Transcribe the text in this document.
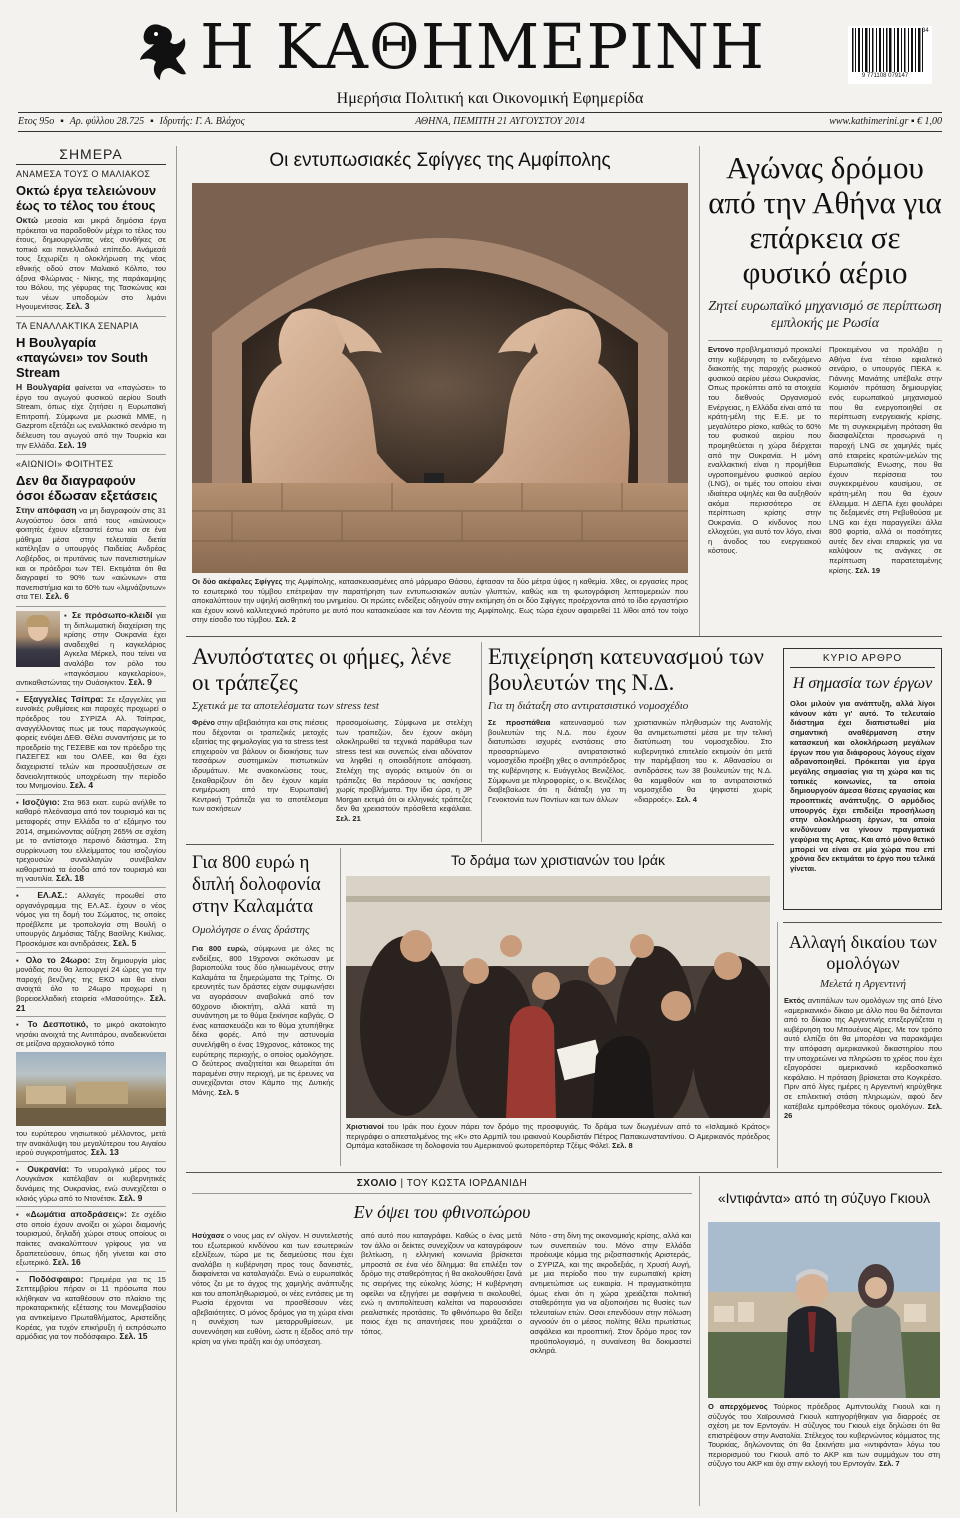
Η ΚΑΘΗΜΕΡΙΝΗ
Ημερήσια Πολιτική και Οικονομική Εφημερίδα
9 771108 079147
34
Ετος 95ο ▪ Αρ. φύλλου 28.725 ▪ Ιδρυτής: Γ. Α. Βλάχος	ΑΘΗΝΑ, ΠΕΜΠΤΗ 21 ΑΥΓΟΥΣΤΟΥ 2014	www.kathimerini.gr ▪ € 1,00
ΣΗΜΕΡΑ
ΑΝΑΜΕΣΑ ΤΟΥΣ Ο ΜΑΛΙΑΚΟΣ
Οκτώ έργα τελειώνουν έως το τέλος του έτους
Οκτώ μεσαία και μικρά δημόσια έργα πρόκειται να παραδοθούν μέχρι το τέλος του έτους, δημιουργώντας νέες συνθήκες σε τοπικό και πανελλαδικό επίπεδο. Ανάμεσά τους ξεχωρίζει η ολοκλήρωση της νέας εθνικής οδού στον Μαλιακό Κόλπο, του άξονα Φλώρινας - Νίκης, της παράκαμψης του Βόλου, της γέφυρας της Τασκώνας και των νέων υποδομών στο λιμάνι Ηγουμενίτσας. Σελ. 3
ΤΑ ΕΝΑΛΛΑΚΤΙΚΑ ΣΕΝΑΡΙΑ
Η Βουλγαρία «παγώνει» τον South Stream
Η Βουλγαρία φαίνεται να «παγώσει» το έργο του αγωγού φυσικού αερίου South Stream, όπως είχε ζητήσει η Ευρωπαϊκή Επιτροπή. Σύμφωνα με ρωσικά ΜΜΕ, η Gazprom εξετάζει ως εναλλακτικό σενάριο τη διέλευση του αγωγού από την Τουρκία και την Ελλάδα. Σελ. 19
«ΑΙΩΝΙΟΙ» ΦΟΙΤΗΤΕΣ
Δεν θα διαγραφούν όσοι έδωσαν εξετάσεις
Στην απόφαση να μη διαγραφούν στις 31 Αυγούστου όσοι από τους «αιώνιους» φοιτητές έχουν εξεταστεί έστω και σε ένα μάθημα μέσα στην τελευταία διετία κατέληξαν ο υπουργός Παιδείας Ανδρέας Λοβέρδος, οι πρυτάνεις των πανεπιστημίων και οι πρόεδροι των ΤΕΙ. Εκτιμάται ότι θα διαγραφεί το 90% των «αιώνιων» στα πανεπιστήμια και το 60% των «λιμνάζοντων» στα ΤΕΙ. Σελ. 6
▪ Σε πρόσωπο-κλειδί για τη διπλωματική διαχείριση της κρίσης στην Ουκρανία έχει αναδειχθεί η καγκελάριος Αγκελα Μέρκελ, που τείνει να αναλάβει τον ρόλο του «παγκόσμιου καγκελαρίου», αντικαθιστώντας την Ουάσιγκτον. Σελ. 9
▪ Εξαγγελίες Τσίπρα: Σε εξαγγελίες για ευνοϊκές ρυθμίσεις και παροχές προχωρεί ο πρόεδρος του ΣΥΡΙΖΑ Αλ. Τσίπρας, αναγγέλλοντας πως με τους παραγωγικούς φορείς ενόψει ΔΕΘ. Θέλει συναντήσεις με το προεδρείο της ΓΕΣΕΒΕ και τον πρόεδρο της ΠΑΣΕΓΕΣ και του ΟΛΕΕ, και θα έχει διαχειριστεί τελών και προσαυξήσεων σε δανειοληπτικούς υποχρέωση την περίοδο του Μνημονίου. Σελ. 4
▪ Ισοζύγιο: Στα 963 εκατ. ευρώ ανήλθε το καθαρό πλεόνασμα από τον τουρισμό και τις μεταφορές στην Ελλάδα το α' εξάμηνο του 2014, σημειώνοντας αύξηση 265% σε σχέση με το αντίστοιχο περσινό διάστημα. Στη συρρίκνωση του ελλείμματος του ισοζυγίου τρεχουσών συναλλαγών συνέβαλαν καθοριστικά τα έσοδα από τον τουρισμό και τη ναυτιλία. Σελ. 18
▪ ΕΛ.ΑΣ.: Αλλαγές προωθεί στο οργανόγραμμα της ΕΛ.ΑΣ. έχουν ο νέος νόμος για τη δομή του Σώματος, τις οποίες προέβλεπε με τροπολογία στη Βουλή ο υπουργός Δημόσιας Τάξης Βασίλης Κικίλιας. Προσκόμισε και αντιδράσεις. Σελ. 5
▪ Ολο το 24ωρο: Στη δημιουργία μίας μονάδας που θα λειτουργεί 24 ώρες για την παροχή βενζίνης της ΕΚΟ και θα είναι ανοιχτά όλο το 24ωρο προχωρεί η βορειοελλαδική εταιρεία «Μασούτης». Σελ. 21
▪ Το Δεσποτικό, το μικρό ακατοίκητο νησάκι ανοιχτά της Αντιπάρου, αναδεικνύεται σε μείζονα αρχαιολογικό τόπο
του ευρύτερου νησιωτικού μέλλοντος, μετά την ανακάλυψη του μεγαλύτερου του Αιγαίου ιερού συγκροτήματος. Σελ. 13
▪ Ουκρανία: Το νευραλγικό μέρος του Λουγκάνσκ κατέλαβαν οι κυβερνητικές δυνάμεις της Ουκρανίας, ενώ συνεχίζεται ο κλοιός γύρω από το Ντονέτσκ. Σελ. 9
▪ «Δωμάτια αποδράσεις»: Σε σχέδιο στο οποίο έχουν ανοίξει οι χώροι διαμονής τουρισμού, δηλαδή χώροι στους οποίους οι παίκτες ανακαλύπτουν γρίφους για να δραπετεύσουν, όπως ήδη γίνεται και στο εξωτερικό. Σελ. 16
▪ Ποδόσφαιρο: Πρεμιέρα για τις 15 Σεπτεμβρίου πήραν οι 11 πρόσωπα που κλήθηκαν να καταθέσουν στο πλαίσιο της προκαταρκτικής εξέτασης του Μονεμβασίου για αντικείμενο Πρωταθλήματος, Αριστείδης Κορέας, για τυχόν επικήρυξη ή εκπρόσωπο αρμόδιας για τον ποδόσφαιρο. Σελ. 15
Οι εντυπωσιακές Σφίγγες της Αμφίπολης
Οι δύο ακέφαλες Σφίγγες της Αμφίπολης, κατασκευασμένες από μάρμαρο Θάσου, έφτασαν τα δύο μέτρα ύψος η καθεμία. Χθες, οι εργασίες προς το εσωτερικό του τύμβου επέτρεψαν την παρατήρηση των εντυπωσιακών αυτών γλυπτών, καθώς και τη φωτογράφιση λεπτομερειών που αποκαλύπτουν την υψηλή αισθητική του μνημείου. Οι πρώτες ενδείξεις οδηγούν στην εκτίμηση ότι οι δύο Σφίγγες προέρχονται από το ίδιο εργαστήριο και έχουν κοινό καλλιτεχνικό πρότυπο με αυτό που κατασκεύασε και τον Λέοντα της Αμφίπολης. Εως τώρα έχουν αφαιρεθεί 11 λίθοι από τον τοίχο στην είσοδο του τύμβου. Σελ. 2
Αγώνας δρόμου από την Αθήνα για επάρκεια σε φυσικό αέριο
Ζητεί ευρωπαϊκό μηχανισμό σε περίπτωση εμπλοκής με Ρωσία
Εντονο προβληματισμό προκαλεί στην κυβέρνηση το ενδεχόμενο διακοπής της παροχής ρωσικού φυσικού αερίου μέσω Ουκρανίας. Οπως προκύπτει από τα στοιχεία του διεθνούς Οργανισμού Ενέργειας, η Ελλάδα είναι από τα κράτη-μέλη της Ε.Ε. με το μεγαλύτερο ρίσκο, καθώς το 60% του φυσικού αερίου που προμηθεύεται η χώρα διέρχεται από την Ουκρανία. Η μόνη εναλλακτική είναι η προμήθεια υγροποιημένου φυσικού αερίου (LNG), οι τιμές του οποίου είναι ιδιαίτερα υψηλές και θα αυξηθούν ακόμα περισσότερο σε περίπτωση κρίσης στην Ουκρανία. Ο κίνδυνος που ελλοχεύει, για αυτό τον λόγο, είναι η άνοδος του ενεργειακού κόστους.
Προκειμένου να προλάβει η Αθήνα ένα τέτοιο εφιαλτικό σενάριο, ο υπουργός ΠΕΚΑ κ. Γιάννης Μανιάτης υπέβαλε στην Κομισιόν πρόταση δημιουργίας ενός ευρωπαϊκού μηχανισμού που θα ενεργοποιηθεί σε περίπτωση ενεργειακής κρίσης. Με τη συγκεκριμένη πρόταση θα διασφαλίζεται προσωρινά η παροχή LNG σε χαμηλές τιμές από εταιρείες κρατών-μελών της Ευρωπαϊκής Ενωσης, που θα έχουν περίσσεια του συγκεκριμένου καυσίμου, σε κράτη-μέλη που θα έχουν έλλειμμα. Η ΔΕΠΑ έχει φουλάρει τις δεξαμενές στη Ρεβυθούσα με LNG και έχει παραγγείλει άλλα 800 φορτία, αλλά οι ποσότητες αυτές δεν είναι επαρκείς για να καλύψουν τις ανάγκες σε περίπτωση παρατεταμένης κρίσης. Σελ. 19
Ανυπόστατες οι φήμες, λένε οι τράπεζες
Σχετικά με τα αποτελέσματα των stress test
Φρένο στην αβεβαιότητα και στις πιέσεις που δέχονται οι τραπεζικές μετοχές εξαιτίας της φημολογίας για τα stress test επιχειρούν να βάλουν οι διοικήσεις των τεσσάρων συστημικών πιστωτικών ιδρυμάτων. Με ανακοινώσεις τους, ξεκαθαρίζουν ότι δεν έχουν καμία ενημέρωση από την Ευρωπαϊκή Κεντρική Τράπεζα για το αποτέλεσμα των ασκήσεων
προσομοίωσης. Σύμφωνα με στελέχη των τραπεζών, δεν έχουν ακόμη ολοκληρωθεί τα τεχνικά παράθυρα των stress test και συνεπώς είναι αδύνατον να ληφθεί η οποιαδήποτε απόφαση. Στελέχη της αγοράς εκτιμούν ότι οι τράπεζες θα περάσουν τις ασκήσεις χωρίς προβλήματα. Την ίδια ώρα, η JP Morgan εκτιμά ότι οι ελληνικές τράπεζες δεν θα χρειαστούν πρόσθετα κεφάλαια. Σελ. 21
Επιχείρηση κατευνασμού των βουλευτών της Ν.Δ.
Για τη διάταξη στο αντιρατσιστικό νομοσχέδιο
Σε προσπάθεια κατευνασμού των βουλευτών της Ν.Δ. που έχουν διατυπώσει ισχυρές ενστάσεις στο προσαρτώμενο αντιρατσιστικό νομοσχέδιο προέβη χθες ο αντιπρόεδρος της κυβέρνησης κ. Ευάγγελος Βενιζέλος. Σύμφωνα με πληροφορίες, ο κ. Βενιζέλος διαβεβαίωσε ότι η διάταξη για τη Γενοκτονία των Ποντίων και των άλλων
χριστιανικών πληθυσμών της Ανατολής θα αντιμετωπιστεί μέσα με την τελική διατύπωση του νομοσχεδίου. Στο κυβερνητικό επιτελείο εκτιμούν ότι μετά την παρέμβαση του κ. Αθανασίου οι αντιδράσεις των 38 βουλευτών της Ν.Δ. θα καμφθούν και το αντιρατσιστικό νομοσχέδιο θα ψηφιστεί χωρίς «διαρροές». Σελ. 4
ΚΥΡΙΟ ΑΡΘΡΟ
Η σημασία των έργων
Ολοι μιλούν για ανάπτυξη, αλλά λίγοι κάνουν κάτι γι' αυτό. Το τελευταίο διάστημα έχει διαπιστωθεί μία σημαντική αναθέρμανση στην κατασκευή και ολοκλήρωση μεγάλων έργων που για διάφορους λόγους είχαν αδρανοποιηθεί. Πρόκειται για έργα μεγάλης σημασίας για τη χώρα και τις τοπικές κοινωνίες, τα οποία δημιουργούν άμεσα θέσεις εργασίας και προοπτικές ανάπτυξης. Ο αρμόδιος υπουργός έχει επιδείξει προσήλωση στην ολοκλήρωση έργων, τα οποία κινδύνευαν να γίνουν πραγματικά γεφύρια της Αρτας. Και από μόνο θετικό μπορεί να είναι σε μία χώρα που επί χρόνια δεν εκτιμάται το έργο που τελικά γίνεται.
Για 800 ευρώ η διπλή δολοφονία στην Καλαμάτα
Ομολόγησε ο ένας δράστης
Για 800 ευρώ, σύμφωνα με όλες τις ενδείξεις, 800 19χρονοι σκότωσαν με βαριοπούλα τους δύο ηλικιωμένους στην Καλαμάτα τα ξημερώματα της Τρίτης. Οι ερευνητές των δράστες είχαν συμφωνήσει να αγοράσουν αναβολικά από τον 60χρονο ιδιοκτήτη, αλλά κατά τη συνάντηση με το θύμα ξεκίνησε καβγάς. Ο ένας κατασκευάζει και το θύμα χτυπήθηκε δέκα φορές. Από την αστυνομία συνελήφθη ο ένας 19χρονος, κάτοικος της ευρύτερης περιοχής, ο οποίος ομολόγησε. Ο δεύτερος αναζητείται και θεωρείται ότι παραμένει στην περιοχή, με τις έρευνες να συνεχίζονται στον Κάμπο της Δυτικής Μάνης. Σελ. 5
Το δράμα των χριστιανών του Ιράκ
Χριστιανοί του Ιράκ που έχουν πάρει τον δρόμο της προσφυγιάς. Το δράμα των διωγμένων από το «Ισλαμικό Κράτος» περιγράφει ο απεσταλμένος της «Κ» στο Αρμπίλ του ιρακινού Κουρδιστάν Πέτρος Παπακωνσταντίνου. Ο Αμερικανός πρόεδρος Ομπάμα καταδίκασε τη δολοφονία του Αμερικανού φωτορεπόρτερ Τζέιμς Φόλεϊ. Σελ. 8
Αλλαγή δικαίου των ομολόγων
Μελετά η Αργεντινή
Εκτός αντιπάλων των ομολόγων της από ξένο «αμερικανικό» δίκαιο με άλλο που θα διέπονται από το δίκαιο της Αργεντινής επεξεργάζεται η κυβέρνηση του Μπουένος Αϊρες. Με τον τρόπο αυτό ελπίζει ότι θα μπορέσει να παρακάμψει την απόφαση αμερικανικού δικαστηρίου που την υποχρεώνει να πληρώσει το χρέος που έχει εξαγοράσει αμερικανικό κερδοσκοπικό κεφάλαιο. Η πρόταση βρίσκεται στο Κογκρέσο. Πριν από λίγες ημέρες η Αργεντινή κηρύχθηκε σε επιλεκτική στάση πληρωμών, αφού δεν κατέβαλε εμπρόθεσμα τόκους ομολόγων. Σελ. 26
ΣΧΟΛΙΟ | ΤΟΥ ΚΩΣΤΑ ΙΟΡΔΑΝΙΔΗ
Εν όψει του φθινοπώρου
Ησύχασε ο νους μας εν' ολίγον. Η συντελεστής του εξωτερικού κινδύνου και των εσωτερικών εξελίξεων, τώρα με τις δεσμεύσεις που έχει αναλάβει η κυβέρνηση προς τους δανειστές, διαφαίνεται να καταλαγιάζει. Ενώ ο ευρωπαϊκός νότος ζει με το άγχος της χαμηλής ανάπτυξης και του αποπληθωρισμού, οι νέες εντάσεις με τη Ρωσία έρχονται να προσθέσουν νέες αβεβαιότητες. Ο μόνος δρόμος για τη χώρα είναι η συνέχιση των μεταρρυθμίσεων, με συνεννόηση και ευθύνη, ώστε η έξοδος από την κρίση να γίνει πράξη και όχι υπόσχεση.
από αυτό που καταγράφει. Καθώς ο ένας μετά τον άλλο οι δείκτες συνεχίζουν να καταγράφουν βελτίωση, η ελληνική κοινωνία βρίσκεται μπροστά σε ένα νέο δίλημμα: θα επιλέξει τον δρόμο της σταθερότητας ή θα ακολουθήσει ξανά τις σειρήνες της εύκολης λύσης; Η κυβέρνηση οφείλει να εξηγήσει με σαφήνεια τι ακολουθεί, ενώ η αντιπολίτευση καλείται να παρουσιάσει ρεαλιστικές προτάσεις. Το φθινόπωρο θα δείξει ποιος έχει τις απαντήσεις που χρειάζεται ο τόπος.
Νότο - στη δίνη της οικονομικής κρίσης, αλλά και των συνεπειών του. Μόνο στην Ελλάδα προέκυψε κόμμα της ριζοσπαστικής Αριστεράς, ο ΣΥΡΙΖΑ, και της ακροδεξιάς, η Χρυσή Αυγή, με μια περίοδο που την ευρωπαϊκή κρίση αντιμετώπισε ως ευκαιρία. Η πραγματικότητα όμως είναι ότι η χώρα χρειάζεται πολιτική σταθερότητα για να αξιοποιήσει τις θυσίες των τελευταίων ετών. Οσοι επενδύουν στην πόλωση αγνοούν ότι ο μέσος πολίτης θέλει πρωτίστως ασφάλεια και προοπτική. Στον δρόμο προς τον προϋπολογισμό, η συναίνεση θα δοκιμαστεί σκληρά.
«Ιντιφάντα» από τη σύζυγο Γκιουλ
Ο απερχόμενος Τούρκος πρόεδρος Αμπντουλάχ Γκιουλ και η σύζυγός του Χαϊρουνισά Γκιουλ κατηγορήθηκαν για διαρροές σε σχέση με τον Ερντογάν. Η σύζυγος του Γκιουλ είχε δηλώσει ότι θα επιστρέψουν στην Ανατολία. Στέλεχος του κυβερνώντος κόμματος της Τουρκίας, δηλώνοντας ότι θα ξεκινήσει μια «ιντιφάντα» λόγω του περιορισμού του Γκιουλ από το ΑΚΡ και των συμμάχων του στη σύζυγο του ΑΚΡ και όχι στην εκλογή του Ερντογάν. Σελ. 7
